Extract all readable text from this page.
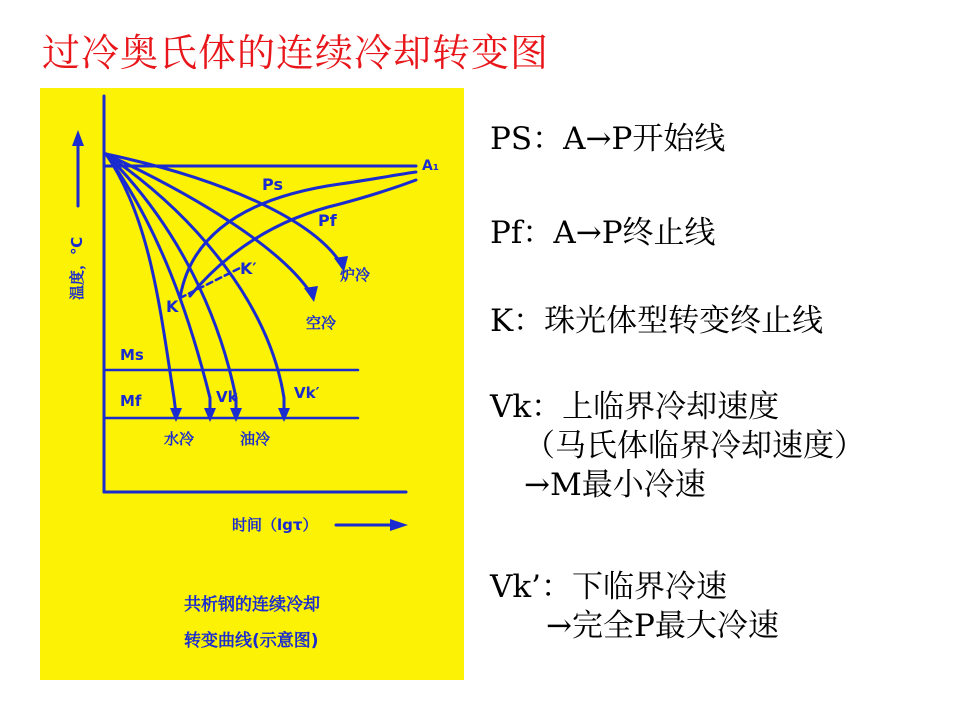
过冷奥氏体的连续冷却转变图
温度，℃
时间（lgτ）
A₁
Ps
Pf
K
K′	炉冷
空冷
Ms
Mf	Vk	Vk′
水冷	油冷
共析钢的连续冷却
转变曲线(示意图)
PS：A→P开始线
Pf：A→P终止线
K：珠光体型转变终止线
Vk：上临界冷却速度
（马氏体临界冷却速度）
→M最小冷速
Vk’：下临界冷速
→完全P最大冷速
